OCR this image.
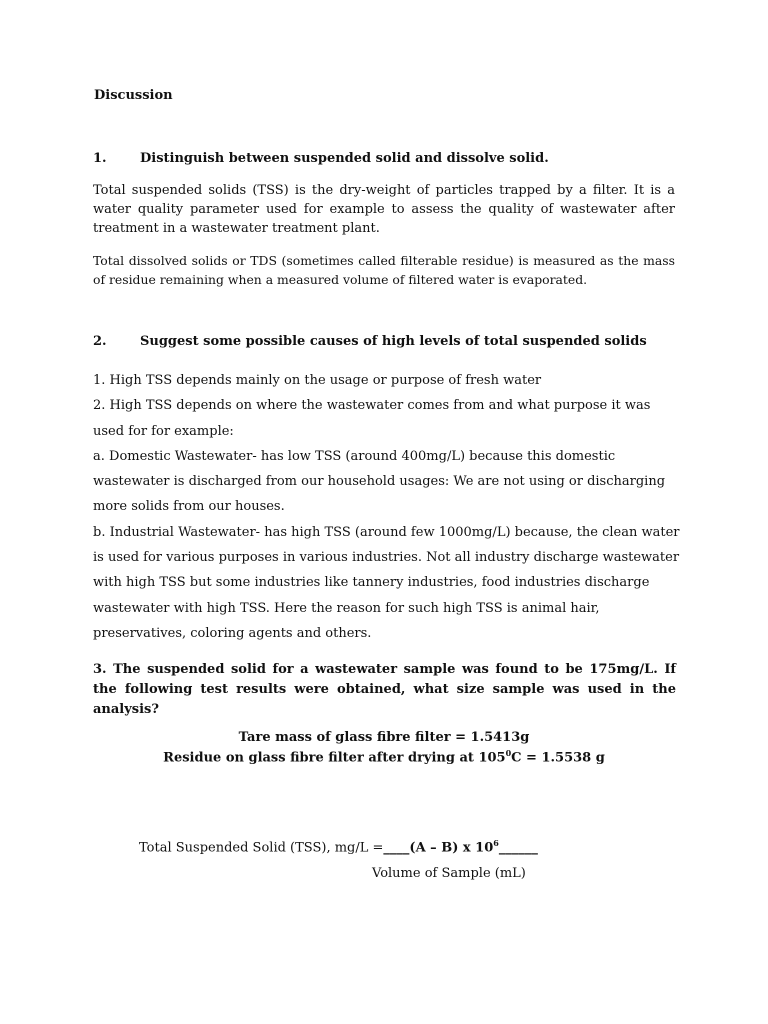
Discussion
1.	Distinguish between suspended solid and dissolve solid.
Total suspended solids (TSS) is the dry-weight of particles trapped by a filter. It is a water quality parameter used for example to assess the quality of wastewater after treatment in a wastewater treatment plant.
Total dissolved solids or TDS (sometimes called filterable residue) is measured as the mass of residue remaining when a measured volume of filtered water is evaporated.
2.	Suggest some possible causes of high levels of total suspended solids
1. High TSS depends mainly on the usage or purpose of fresh water
2. High TSS depends on where the wastewater comes from and what purpose it was used for for example:
a. Domestic Wastewater- has low TSS (around 400mg/L) because this domestic wastewater is discharged from our household usages: We are not using or discharging more solids from our houses.
b. Industrial Wastewater- has high TSS (around few 1000mg/L) because, the clean water is used for various purposes in various industries. Not all industry discharge wastewater with high TSS but some industries like tannery industries, food industries discharge wastewater with high TSS. Here the reason for such high TSS is animal hair, preservatives, coloring agents and others.
3. The suspended solid for a wastewater sample was found to be 175mg/L. If the following test results were obtained, what size sample was used in the analysis?
Tare mass of glass fibre filter = 1.5413g
Residue on glass fibre filter after drying at $105^0C = 1.5538$ g
Total Suspended Solid (TSS), mg/L =____(A – B) x $10^6\_\_\_\_\_\_$
Volume of Sample (mL)
